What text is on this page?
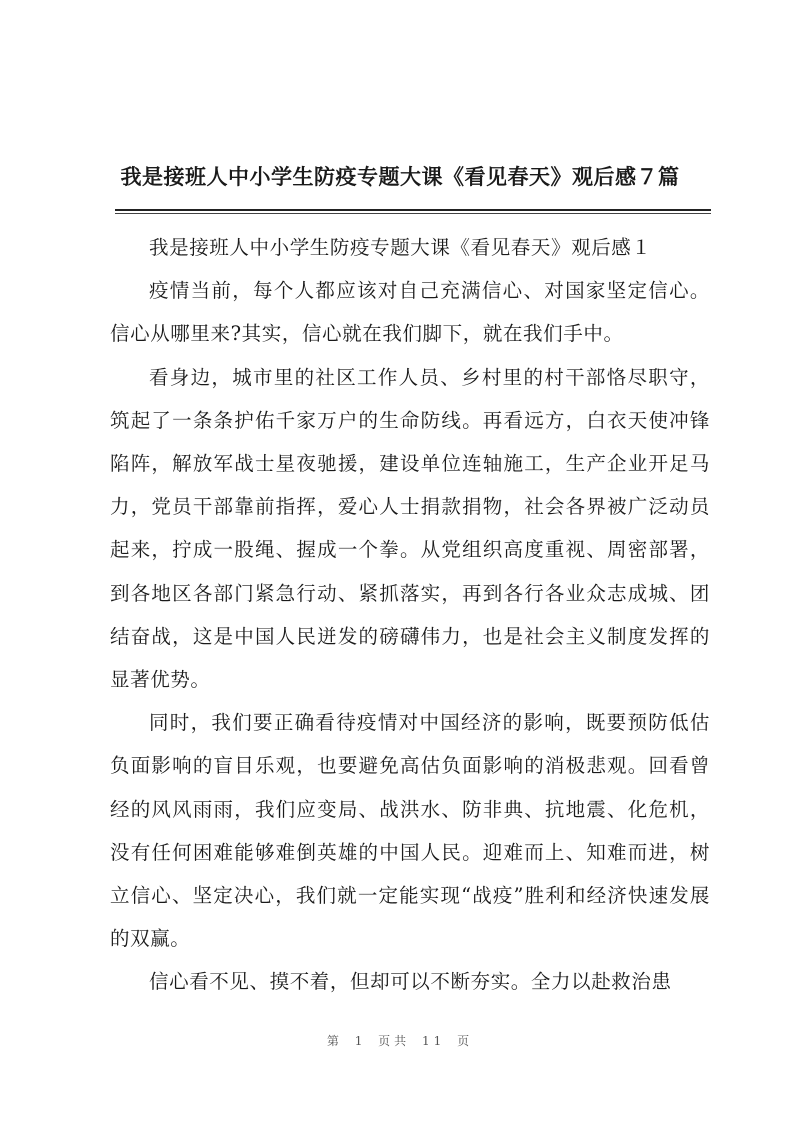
我是接班人中小学生防疫专题大课《看见春天》观后感７篇

我是接班人中小学生防疫专题大课《看见春天》观后感１

疫情当前，每个人都应该对自己充满信心、对国家坚定信心。信心从哪里来?其实，信心就在我们脚下，就在我们手中。

看身边，城市里的社区工作人员、乡村里的村干部恪尽职守，筑起了一条条护佑千家万户的生命防线。再看远方，白衣天使冲锋陷阵，解放军战士星夜驰援，建设单位连轴施工，生产企业开足马力，党员干部靠前指挥，爱心人士捐款捐物，社会各界被广泛动员起来，拧成一股绳、握成一个拳。从党组织高度重视、周密部署，到各地区各部门紧急行动、紧抓落实，再到各行各业众志成城、团结奋战，这是中国人民迸发的磅礴伟力，也是社会主义制度发挥的显著优势。

同时，我们要正确看待疫情对中国经济的影响，既要预防低估负面影响的盲目乐观，也要避免高估负面影响的消极悲观。回看曾经的风风雨雨，我们应变局、战洪水、防非典、抗地震、化危机，没有任何困难能够难倒英雄的中国人民。迎难而上、知难而进，树立信心、坚定决心，我们就一定能实现“战疫”胜利和经济快速发展的双赢。

信心看不见、摸不着，但却可以不断夯实。全力以赴救治患

第 1 页共 11 页
